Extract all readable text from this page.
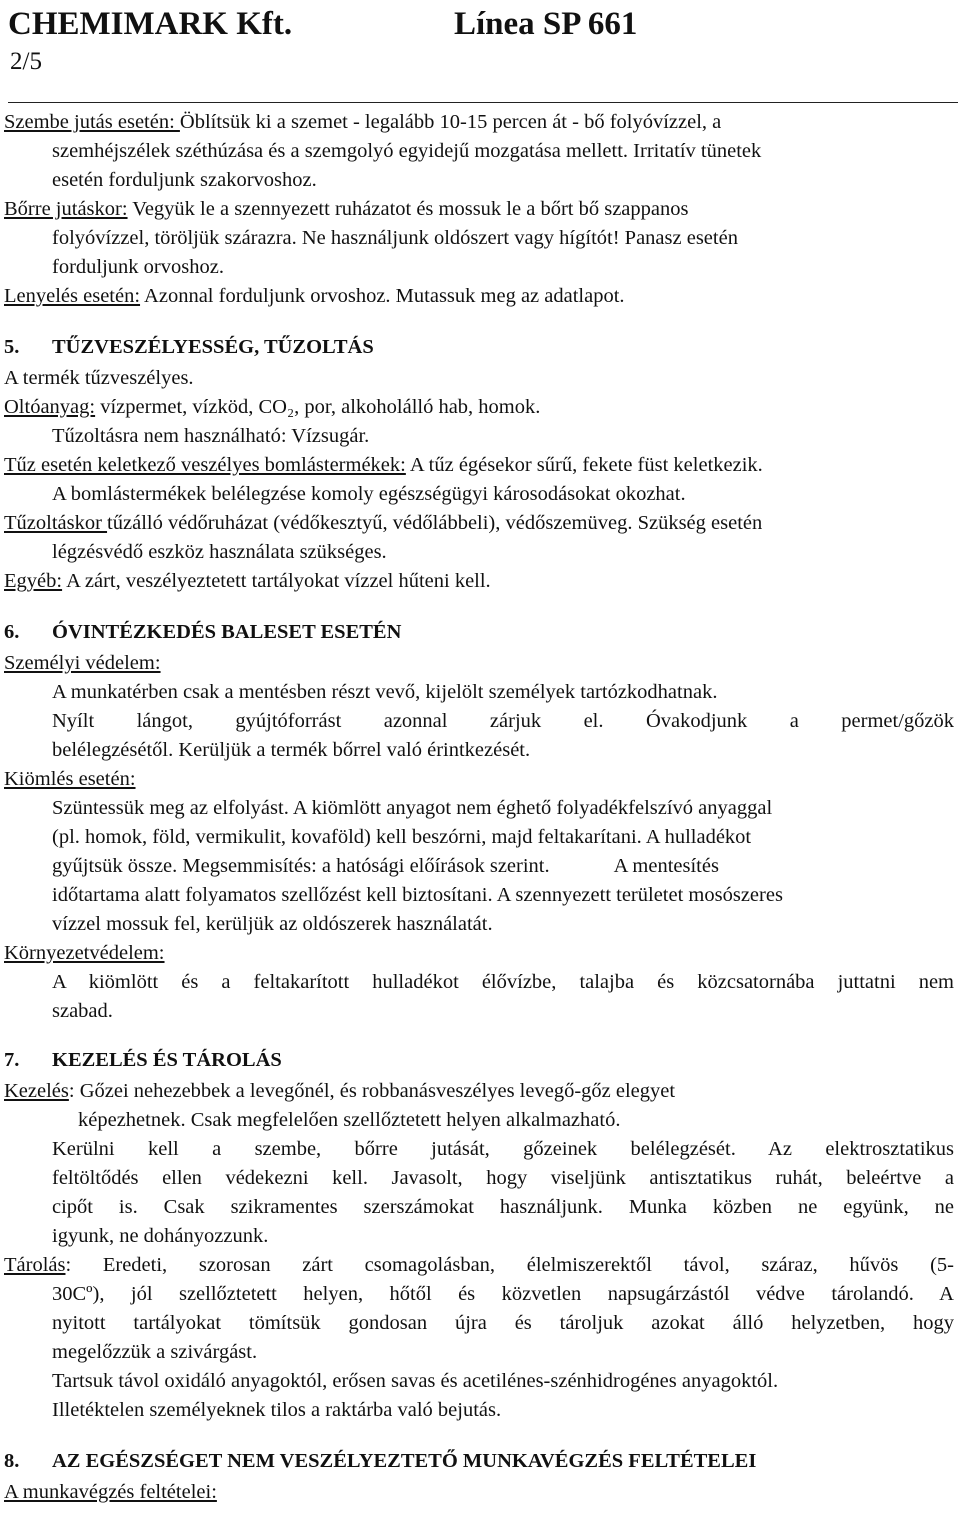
CHEMIMARK Kft.	Línea SP 661
2/5
Szembe jutás esetén: Öblítsük ki a szemet - legalább 10-15 percen át - bő folyóvízzel, a
szemhéjszélek széthúzása és a szemgolyó egyidejű mozgatása mellett. Irritatív tünetek
esetén forduljunk szakorvoshoz.
Bőrre jutáskor: Vegyük le a szennyezett ruházatot és mossuk le a bőrt bő szappanos
folyóvízzel, töröljük szárazra. Ne használjunk oldószert vagy hígítót! Panasz esetén
forduljunk orvoshoz.
Lenyelés esetén: Azonnal forduljunk orvoshoz. Mutassuk meg az adatlapot.
5. TŰZVESZÉLYESSÉG, TŰZOLTÁS
A termék tűzveszélyes.
Oltóanyag: vízpermet, vízköd, CO₂, por, alkoholálló hab, homok.
Tűzoltásra nem használható: Vízsugár.
Tűz esetén keletkező veszélyes bomlástermékek: A tűz égésekor sűrű, fekete füst keletkezik.
A bomlástermékek belélegzése komoly egészségügyi károsodásokat okozhat.
Tűzoltáskor tűzálló védőruházat (védőkesztyű, védőlábbeli), védőszemüveg. Szükség esetén
légzésvédő eszköz használata szükséges.
Egyéb: A zárt, veszélyeztetett tartályokat vízzel hűteni kell.
6. ÓVINTÉZKEDÉS BALESET ESETÉN
Személyi védelem:
A munkatérben csak a mentésben részt vevő, kijelölt személyek tartózkodhatnak.
Nyílt lángot, gyújtóforrást azonnal zárjuk el. Óvakodjunk a permet/gőzök
belélegzésétől. Kerüljük a termék bőrrel való érintkezését.
Kiömlés esetén:
Szüntessük meg az elfolyást. A kiömlött anyagot nem éghető folyadékfelszívó anyaggal
(pl. homok, föld, vermikulit, kovaföld) kell beszórni, majd feltakarítani. A hulladékot
gyűjtsük össze. Megsemmisítés: a hatósági előírások szerint.	A mentesítés
időtartama alatt folyamatos szellőzést kell biztosítani. A szennyezett területet mosószeres
vízzel mossuk fel, kerüljük az oldószerek használatát.
Környezetvédelem:
A kiömlött és a feltakarított hulladékot élővízbe, talajba és közcsatornába juttatni nem
szabad.
7. KEZELÉS ÉS TÁROLÁS
Kezelés: Gőzei nehezebbek a levegőnél, és robbanásveszélyes levegő-gőz elegyet
képezhetnek. Csak megfelelően szellőztetett helyen alkalmazható.
Kerülni kell a szembe, bőrre jutását, gőzeinek belélegzését. Az elektrosztatikus
feltöltődés ellen védekezni kell. Javasolt, hogy viseljünk antisztatikus ruhát, beleértve a
cipőt is. Csak szikramentes szerszámokat használjunk. Munka közben ne együnk, ne
igyunk, ne dohányozzunk.
Tárolás: Eredeti, szorosan zárt csomagolásban, élelmiszerektől távol, száraz, hűvös (5-
30Cº), jól szellőztetett helyen, hőtől és közvetlen napsugárzástól védve tárolandó. A
nyitott tartályokat tömítsük gondosan újra és tároljuk azokat álló helyzetben, hogy
megelőzzük a szivárgást.
Tartsuk távol oxidáló anyagoktól, erősen savas és acetilénes-szénhidrogénes anyagoktól.
Illetéktelen személyeknek tilos a raktárba való bejutás.
8. AZ EGÉSZSÉGET NEM VESZÉLYEZTETŐ MUNKAVÉGZÉS FELTÉTELEI
A munkavégzés feltételei:
